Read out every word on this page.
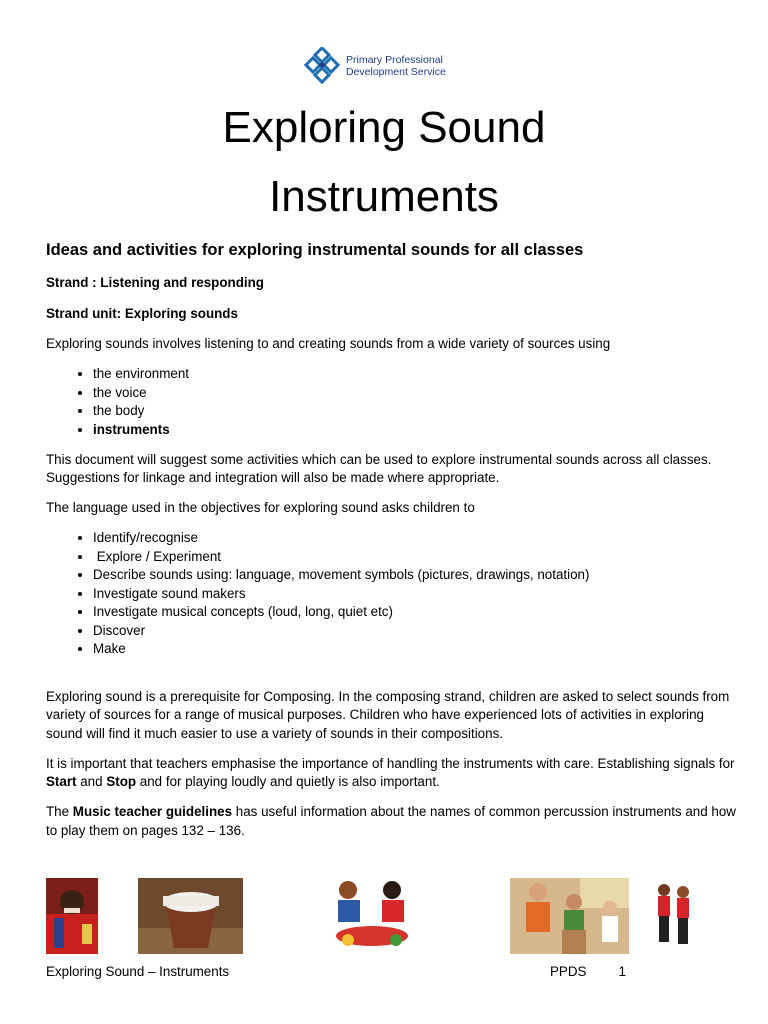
Primary Professional
Development Service
Exploring Sound
Instruments
Ideas and activities for exploring instrumental sounds for all classes

Strand : Listening and responding

Strand unit: Exploring sounds

Exploring sounds involves listening to and creating sounds from a wide variety of sources using

• the environment
• the voice
• the body
• instruments

This document will suggest some activities which can be used to explore instrumental sounds across all classes. Suggestions for linkage and integration will also be made where appropriate.

The language used in the objectives for exploring sound asks children to

• Identify/recognise
•  Explore / Experiment
• Describe sounds using: language, movement symbols (pictures, drawings, notation)
• Investigate sound makers
• Investigate musical concepts (loud, long, quiet etc)
• Discover
• Make

Exploring sound is a prerequisite for Composing. In the composing strand, children are asked to select sounds from variety of sources for a range of musical purposes. Children who have experienced lots of activities in exploring sound will find it much easier to use a variety of sounds in their compositions.

It is important that teachers emphasise the importance of handling the instruments with care. Establishing signals for Start and Stop and for playing loudly and quietly is also important.

The Music teacher guidelines has useful information about the names of common percussion instruments and how to play them on pages 132 – 136.

Exploring Sound – Instruments	PPDS 1
